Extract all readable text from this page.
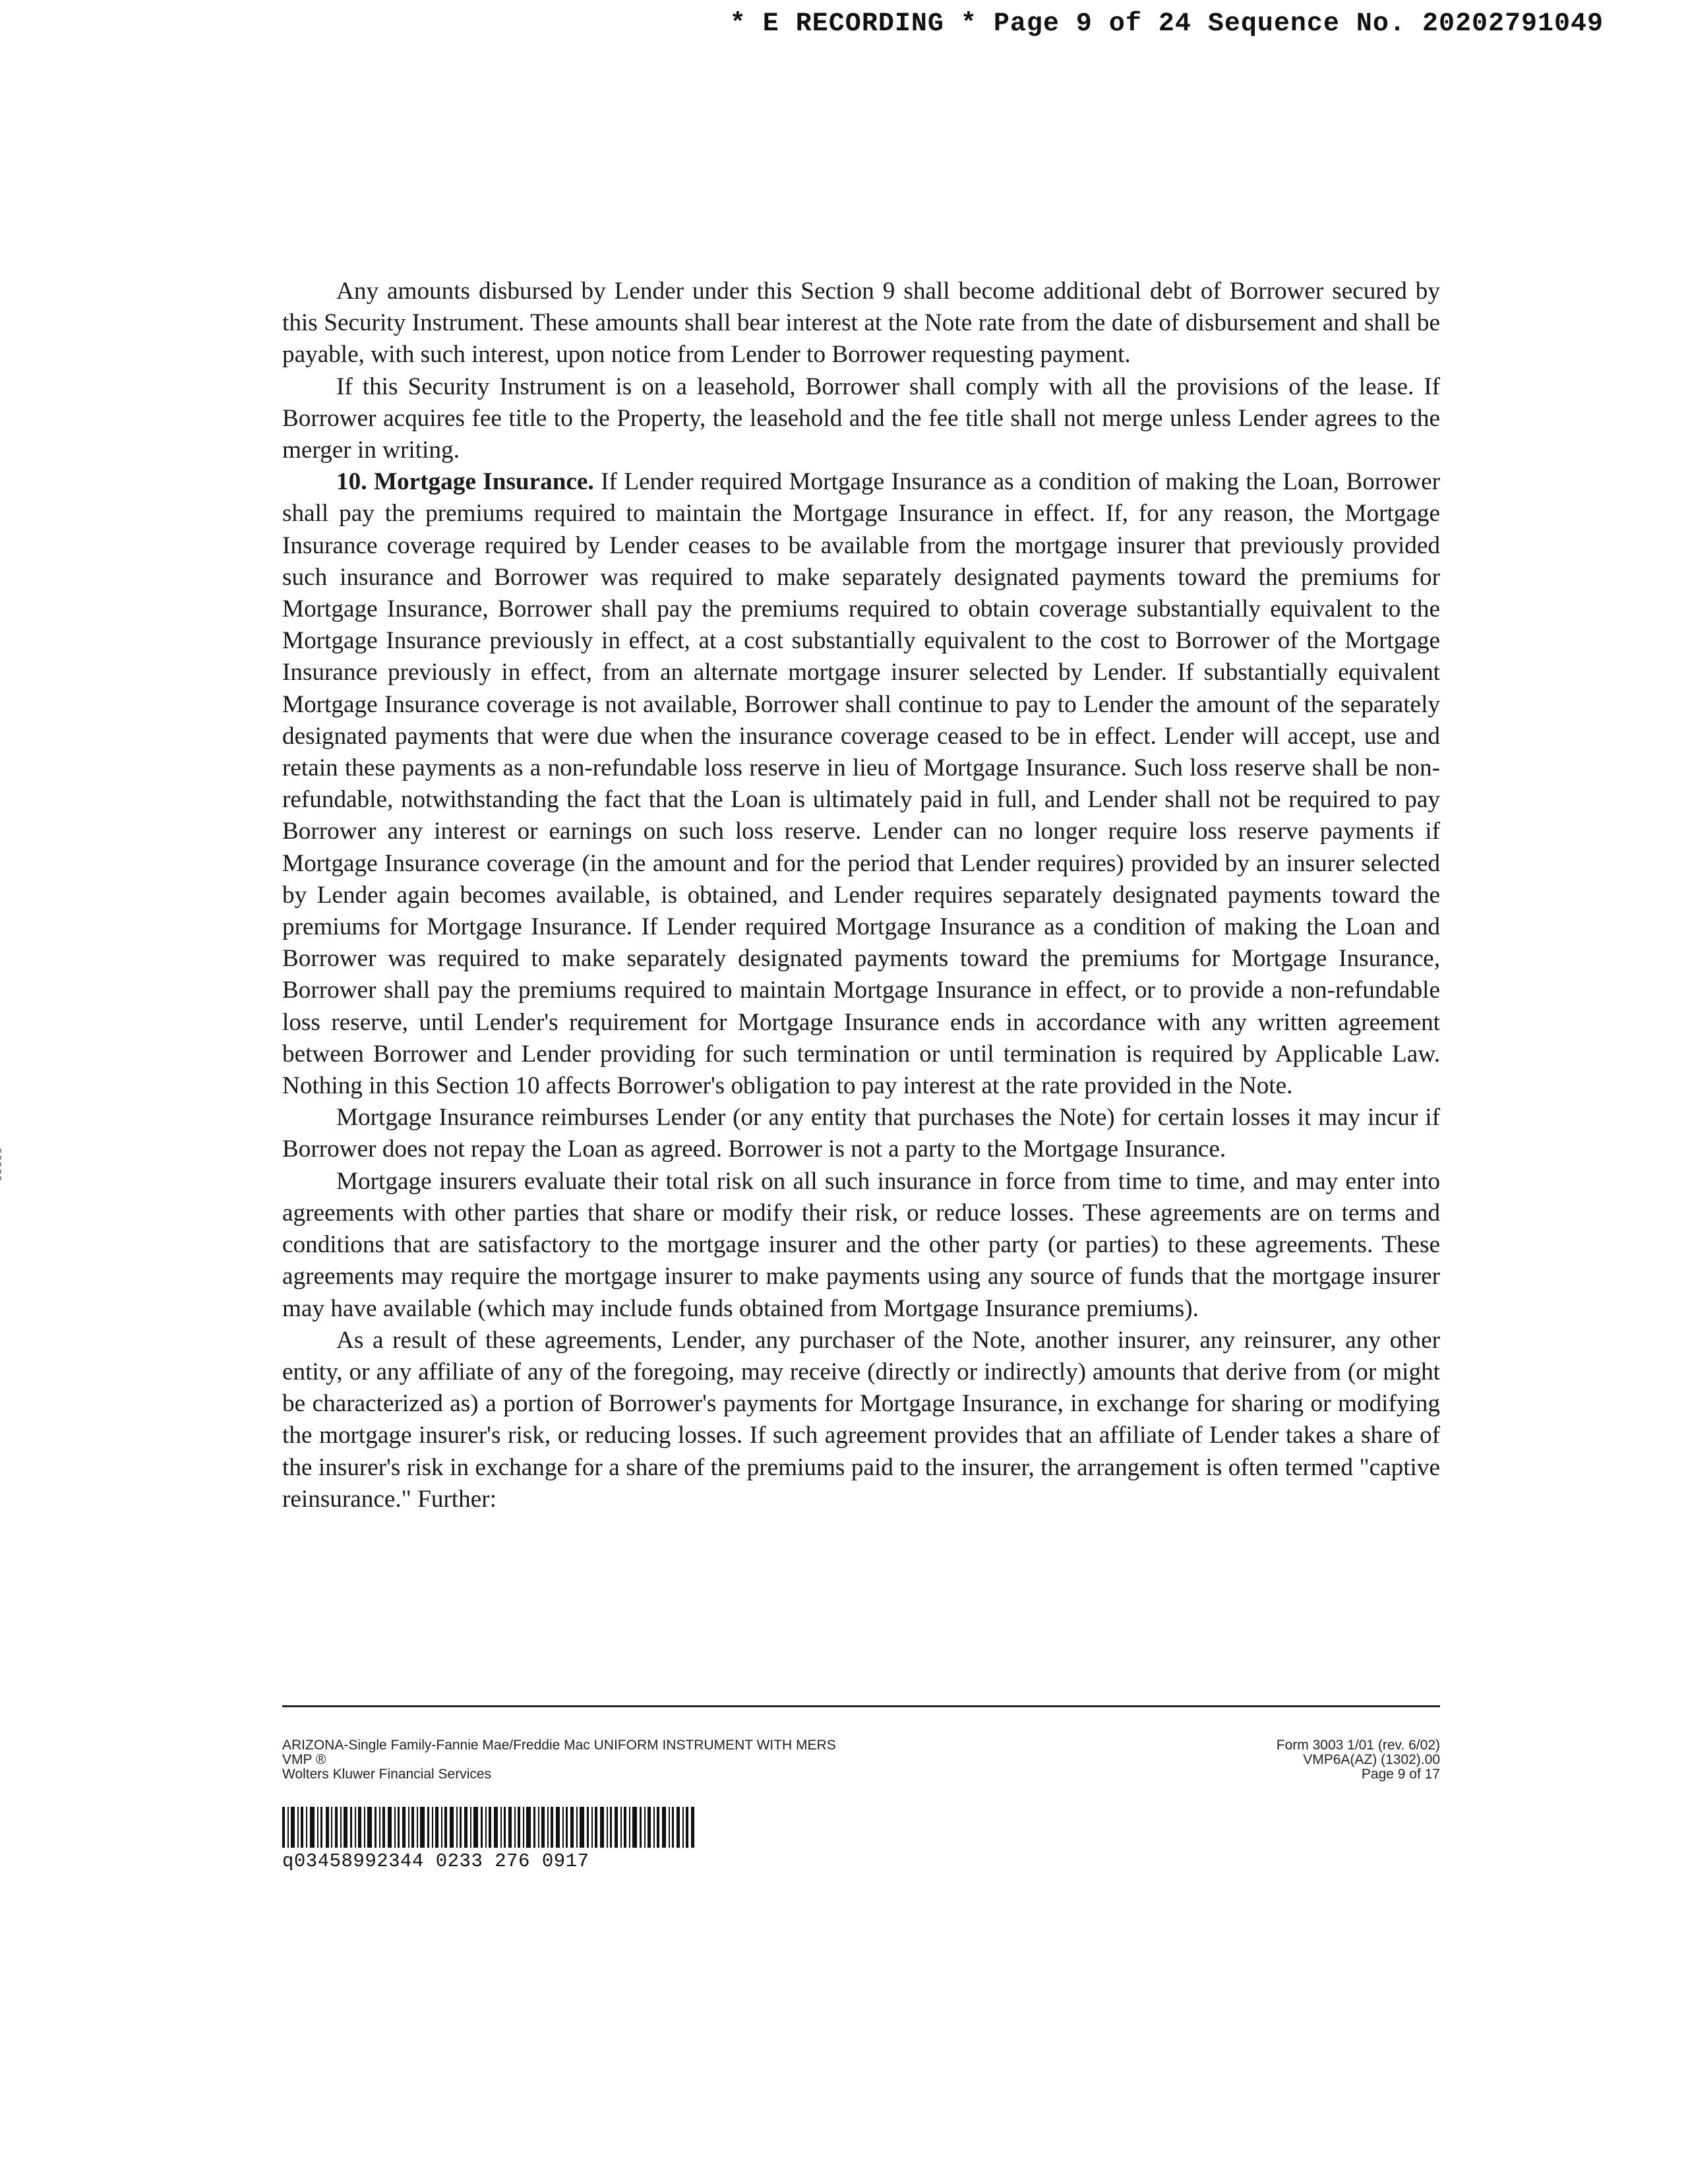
* E RECORDING * Page 9 of 24 Sequence No. 20202791049

Any amounts disbursed by Lender under this Section 9 shall become additional debt of Borrower secured by this Security Instrument. These amounts shall bear interest at the Note rate from the date of disbursement and shall be payable, with such interest, upon notice from Lender to Borrower requesting payment.

If this Security Instrument is on a leasehold, Borrower shall comply with all the provisions of the lease. If Borrower acquires fee title to the Property, the leasehold and the fee title shall not merge unless Lender agrees to the merger in writing.

10. Mortgage Insurance. If Lender required Mortgage Insurance as a condition of making the Loan, Borrower shall pay the premiums required to maintain the Mortgage Insurance in effect. If, for any reason, the Mortgage Insurance coverage required by Lender ceases to be available from the mortgage insurer that previously provided such insurance and Borrower was required to make separately designated payments toward the premiums for Mortgage Insurance, Borrower shall pay the premiums required to obtain coverage substantially equivalent to the Mortgage Insurance previously in effect, at a cost substantially equivalent to the cost to Borrower of the Mortgage Insurance previously in effect, from an alternate mortgage insurer selected by Lender. If substantially equivalent Mortgage Insurance coverage is not available, Borrower shall continue to pay to Lender the amount of the separately designated payments that were due when the insurance coverage ceased to be in effect. Lender will accept, use and retain these payments as a non-refundable loss reserve in lieu of Mortgage Insurance. Such loss reserve shall be non-refundable, notwithstanding the fact that the Loan is ultimately paid in full, and Lender shall not be required to pay Borrower any interest or earnings on such loss reserve. Lender can no longer require loss reserve payments if Mortgage Insurance coverage (in the amount and for the period that Lender requires) provided by an insurer selected by Lender again becomes available, is obtained, and Lender requires separately designated payments toward the premiums for Mortgage Insurance. If Lender required Mortgage Insurance as a condition of making the Loan and Borrower was required to make separately designated payments toward the premiums for Mortgage Insurance, Borrower shall pay the premiums required to maintain Mortgage Insurance in effect, or to provide a non-refundable loss reserve, until Lender's requirement for Mortgage Insurance ends in accordance with any written agreement between Borrower and Lender providing for such termination or until termination is required by Applicable Law. Nothing in this Section 10 affects Borrower's obligation to pay interest at the rate provided in the Note.

Mortgage Insurance reimburses Lender (or any entity that purchases the Note) for certain losses it may incur if Borrower does not repay the Loan as agreed. Borrower is not a party to the Mortgage Insurance.

Mortgage insurers evaluate their total risk on all such insurance in force from time to time, and may enter into agreements with other parties that share or modify their risk, or reduce losses. These agreements are on terms and conditions that are satisfactory to the mortgage insurer and the other party (or parties) to these agreements. These agreements may require the mortgage insurer to make payments using any source of funds that the mortgage insurer may have available (which may include funds obtained from Mortgage Insurance premiums).

As a result of these agreements, Lender, any purchaser of the Note, another insurer, any reinsurer, any other entity, or any affiliate of any of the foregoing, may receive (directly or indirectly) amounts that derive from (or might be characterized as) a portion of Borrower's payments for Mortgage Insurance, in exchange for sharing or modifying the mortgage insurer's risk, or reducing losses. If such agreement provides that an affiliate of Lender takes a share of the insurer's risk in exchange for a share of the premiums paid to the insurer, the arrangement is often termed "captive reinsurance." Further:

ARIZONA-Single Family-Fannie Mae/Freddie Mac UNIFORM INSTRUMENT WITH MERS
VMP ®
Wolters Kluwer Financial Services
Form 3003 1/01 (rev. 6/02)
VMP6A(AZ) (1302).00
Page 9 of 17
q03458992344 0233 276 0917
